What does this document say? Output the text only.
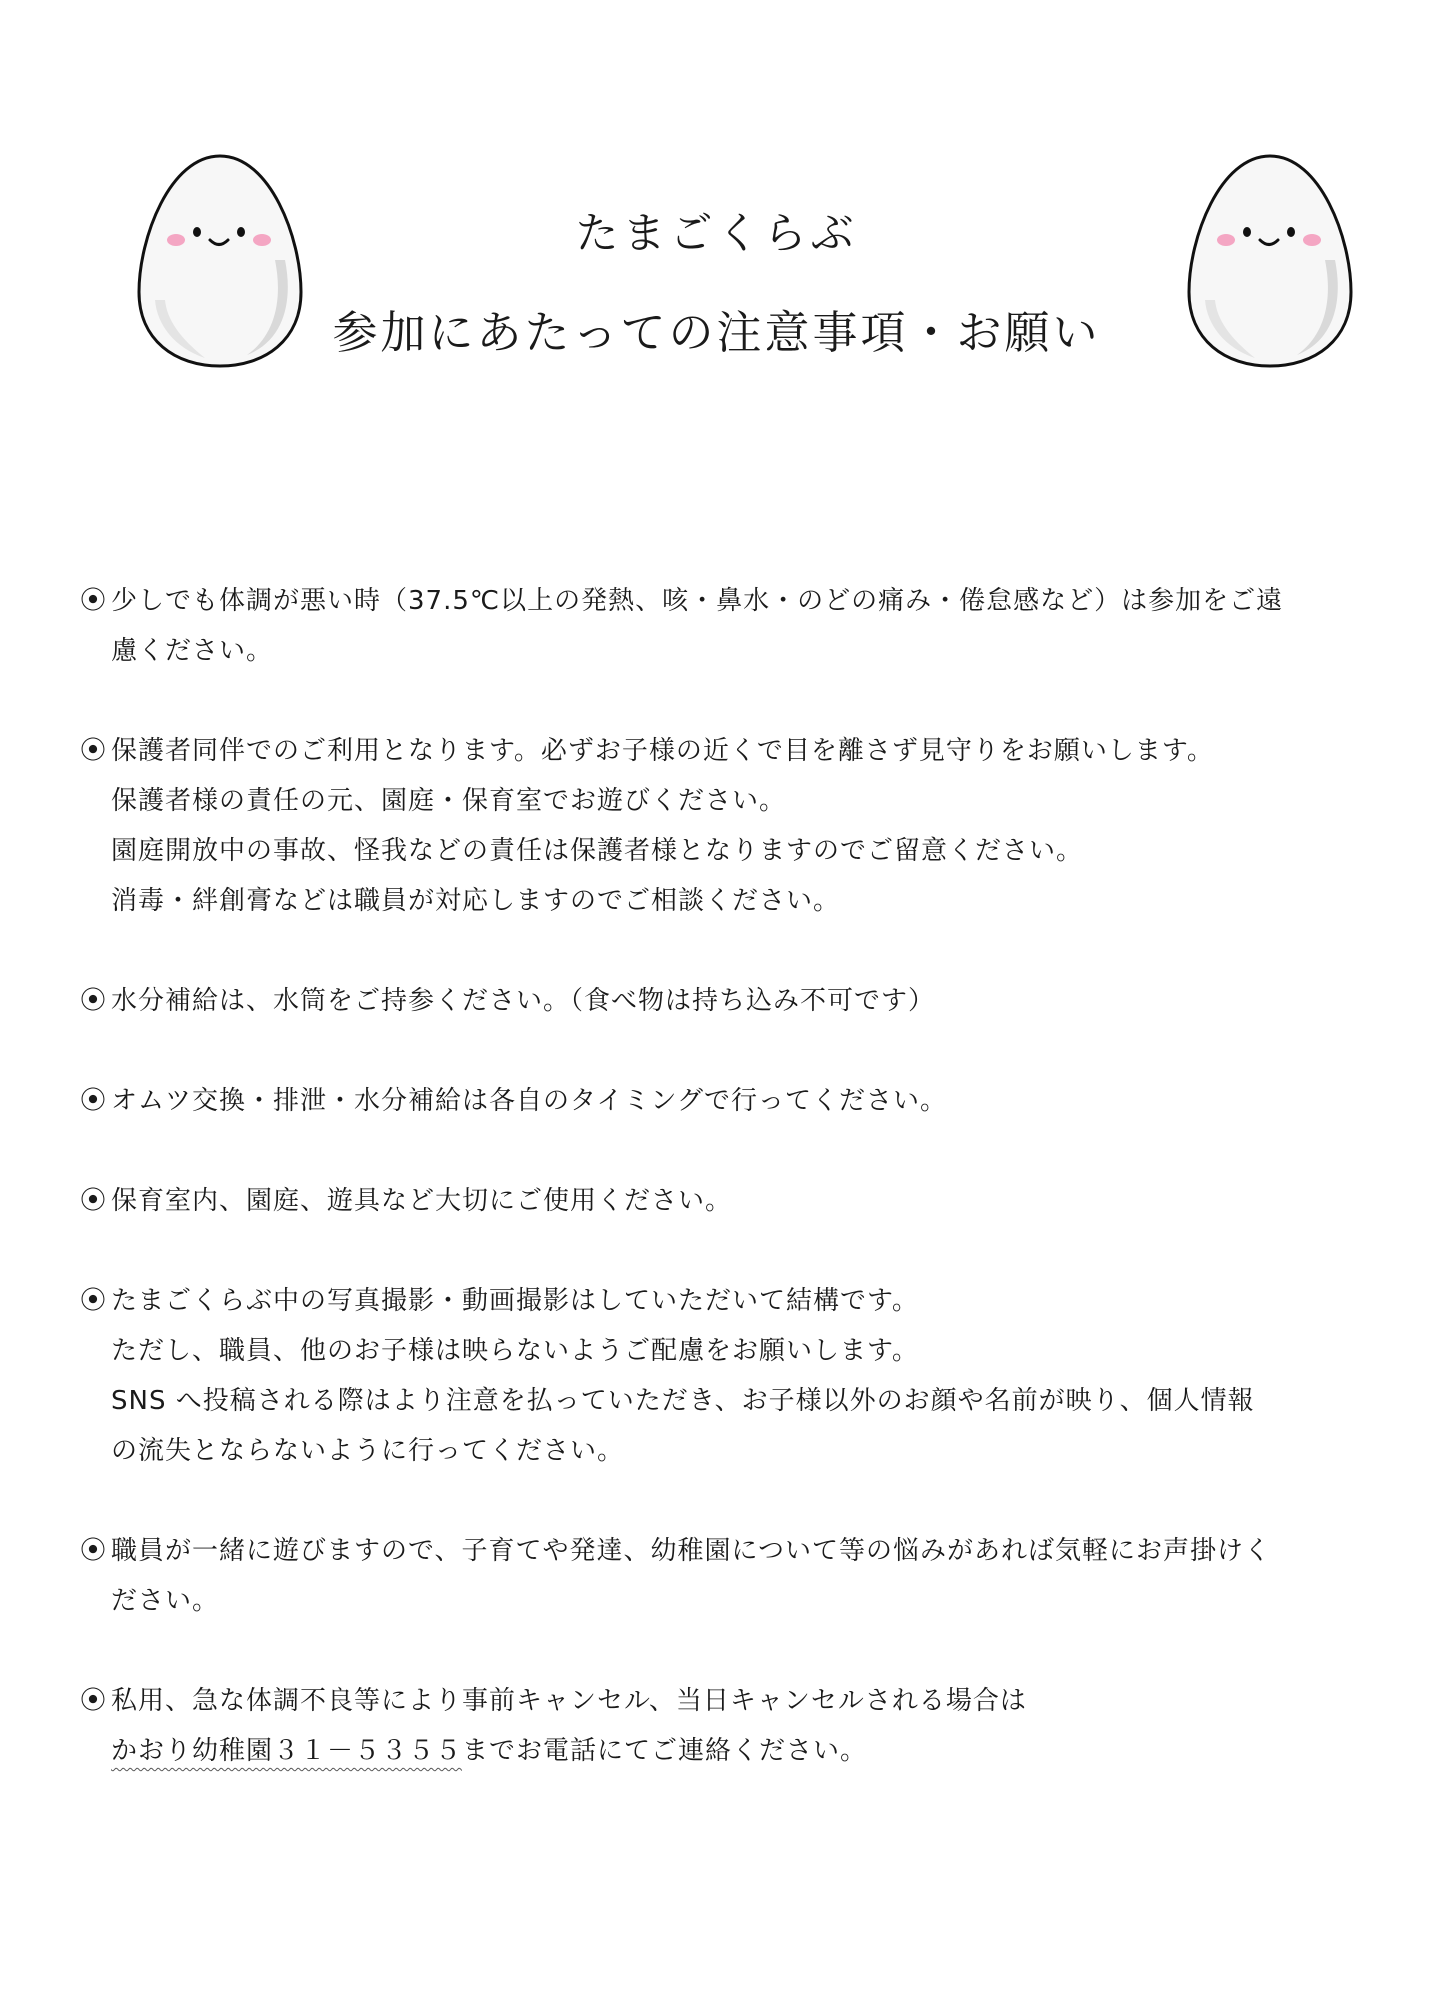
たまごくらぶ
参加にあたっての注意事項・お願い
⦿ 少しでも体調が悪い時（37.5℃以上の発熱、咳・鼻水・のどの痛み・倦怠感など）は参加をご遠
慮ください。
⦿ 保護者同伴でのご利用となります。必ずお子様の近くで目を離さず見守りをお願いします。
保護者様の責任の元、園庭・保育室でお遊びください。
園庭開放中の事故、怪我などの責任は保護者様となりますのでご留意ください。
消毒・絆創膏などは職員が対応しますのでご相談ください。
⦿ 水分補給は、水筒をご持参ください。（食べ物は持ち込み不可です）
⦿ オムツ交換・排泄・水分補給は各自のタイミングで行ってください。
⦿ 保育室内、園庭、遊具など大切にご使用ください。
⦿ たまごくらぶ中の写真撮影・動画撮影はしていただいて結構です。
ただし、職員、他のお子様は映らないようご配慮をお願いします。
SNS へ投稿される際はより注意を払っていただき、お子様以外のお顔や名前が映り、個人情報
の流失とならないように行ってください。
⦿ 職員が一緒に遊びますので、子育てや発達、幼稚園について等の悩みがあれば気軽にお声掛けく
ださい。
⦿ 私用、急な体調不良等により事前キャンセル、当日キャンセルされる場合は
かおり幼稚園３１－５３５５までお電話にてご連絡ください。
